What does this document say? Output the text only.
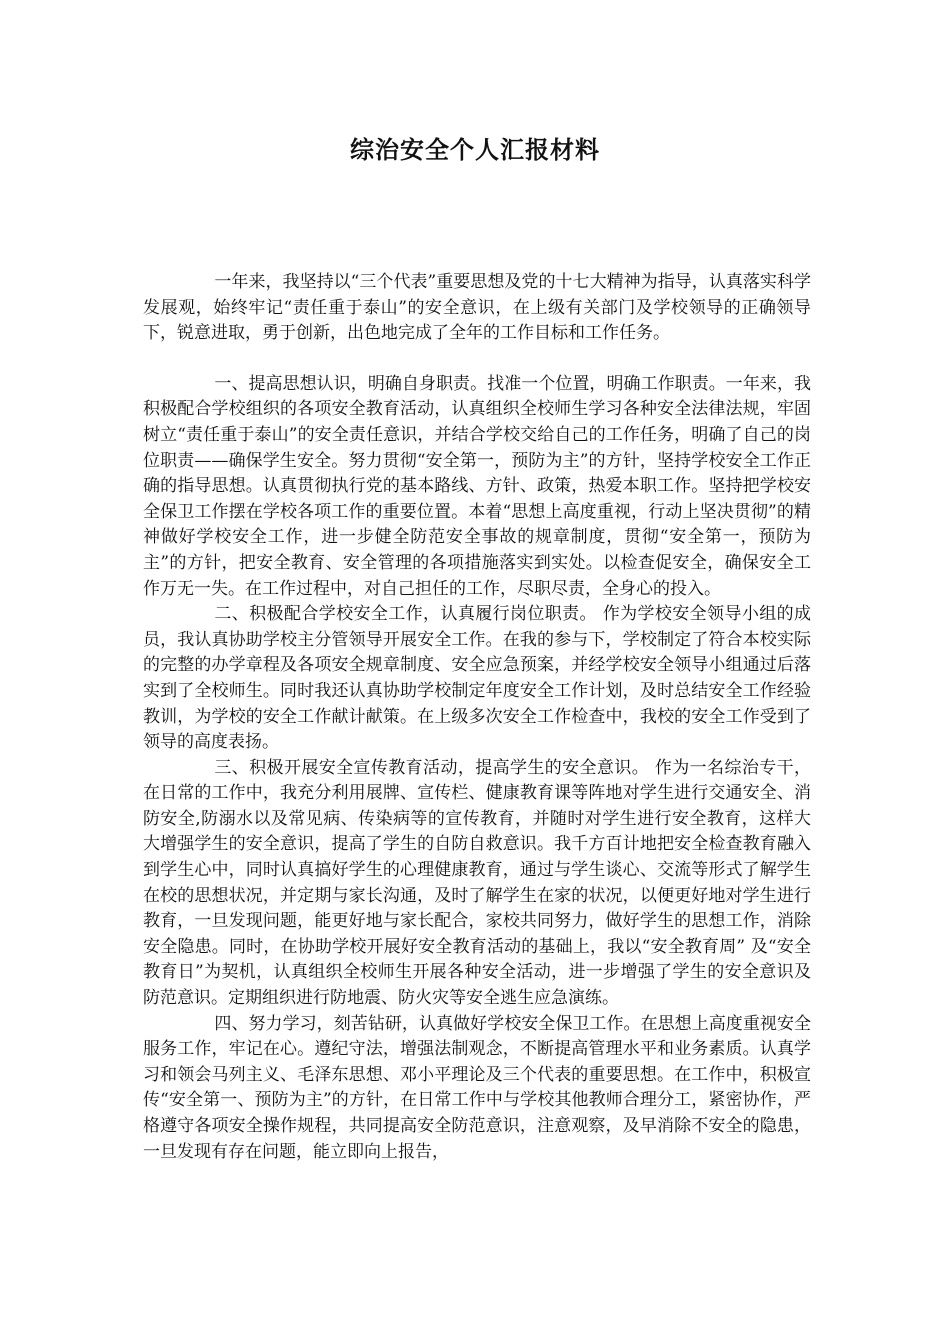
综治安全个人汇报材料

一年来，我坚持以“三个代表”重要思想及党的十七大精神为指导，认真落实科学发展观，始终牢记“责任重于泰山”的安全意识，在上级有关部门及学校领导的正确领导下，锐意进取，勇于创新，出色地完成了全年的工作目标和工作任务。

一、提高思想认识，明确自身职责。找准一个位置，明确工作职责。一年来，我积极配合学校组织的各项安全教育活动，认真组织全校师生学习各种安全法律法规，牢固树立“责任重于泰山”的安全责任意识，并结合学校交给自己的工作任务，明确了自己的岗位职责——确保学生安全。努力贯彻“安全第一，预防为主”的方针，坚持学校安全工作正确的指导思想。认真贯彻执行党的基本路线、方针、政策，热爱本职工作。坚持把学校安全保卫工作摆在学校各项工作的重要位置。本着“思想上高度重视，行动上坚决贯彻”的精神做好学校安全工作，进一步健全防范安全事故的规章制度，贯彻“安全第一，预防为主”的方针，把安全教育、安全管理的各项措施落实到实处。以检查促安全，确保安全工作万无一失。在工作过程中，对自己担任的工作，尽职尽责，全身心的投入。

二、积极配合学校安全工作，认真履行岗位职责。 作为学校安全领导小组的成员，我认真协助学校主分管领导开展安全工作。在我的参与下，学校制定了符合本校实际的完整的办学章程及各项安全规章制度、安全应急预案，并经学校安全领导小组通过后落实到了全校师生。同时我还认真协助学校制定年度安全工作计划，及时总结安全工作经验教训，为学校的安全工作献计献策。在上级多次安全工作检查中，我校的安全工作受到了领导的高度表扬。

三、积极开展安全宣传教育活动，提高学生的安全意识。 作为一名综治专干，在日常的工作中，我充分利用展牌、宣传栏、健康教育课等阵地对学生进行交通安全、消防安全,防溺水以及常见病、传染病等的宣传教育，并随时对学生进行安全教育，这样大大增强学生的安全意识，提高了学生的自防自救意识。我千方百计地把安全检查教育融入到学生心中，同时认真搞好学生的心理健康教育，通过与学生谈心、交流等形式了解学生在校的思想状况，并定期与家长沟通，及时了解学生在家的状况，以便更好地对学生进行教育，一旦发现问题，能更好地与家长配合，家校共同努力，做好学生的思想工作，消除安全隐患。同时，在协助学校开展好安全教育活动的基础上，我以“安全教育周” 及“安全教育日”为契机，认真组织全校师生开展各种安全活动，进一步增强了学生的安全意识及防范意识。定期组织进行防地震、防火灾等安全逃生应急演练。

四、努力学习，刻苦钻研，认真做好学校安全保卫工作。在思想上高度重视安全服务工作，牢记在心。遵纪守法，增强法制观念，不断提高管理水平和业务素质。认真学习和领会马列主义、毛泽东思想、邓小平理论及三个代表的重要思想。在工作中，积极宣传“安全第一、预防为主”的方针，在日常工作中与学校其他教师合理分工，紧密协作，严格遵守各项安全操作规程，共同提高安全防范意识，注意观察，及早消除不安全的隐患，一旦发现有存在问题，能立即向上报告，
